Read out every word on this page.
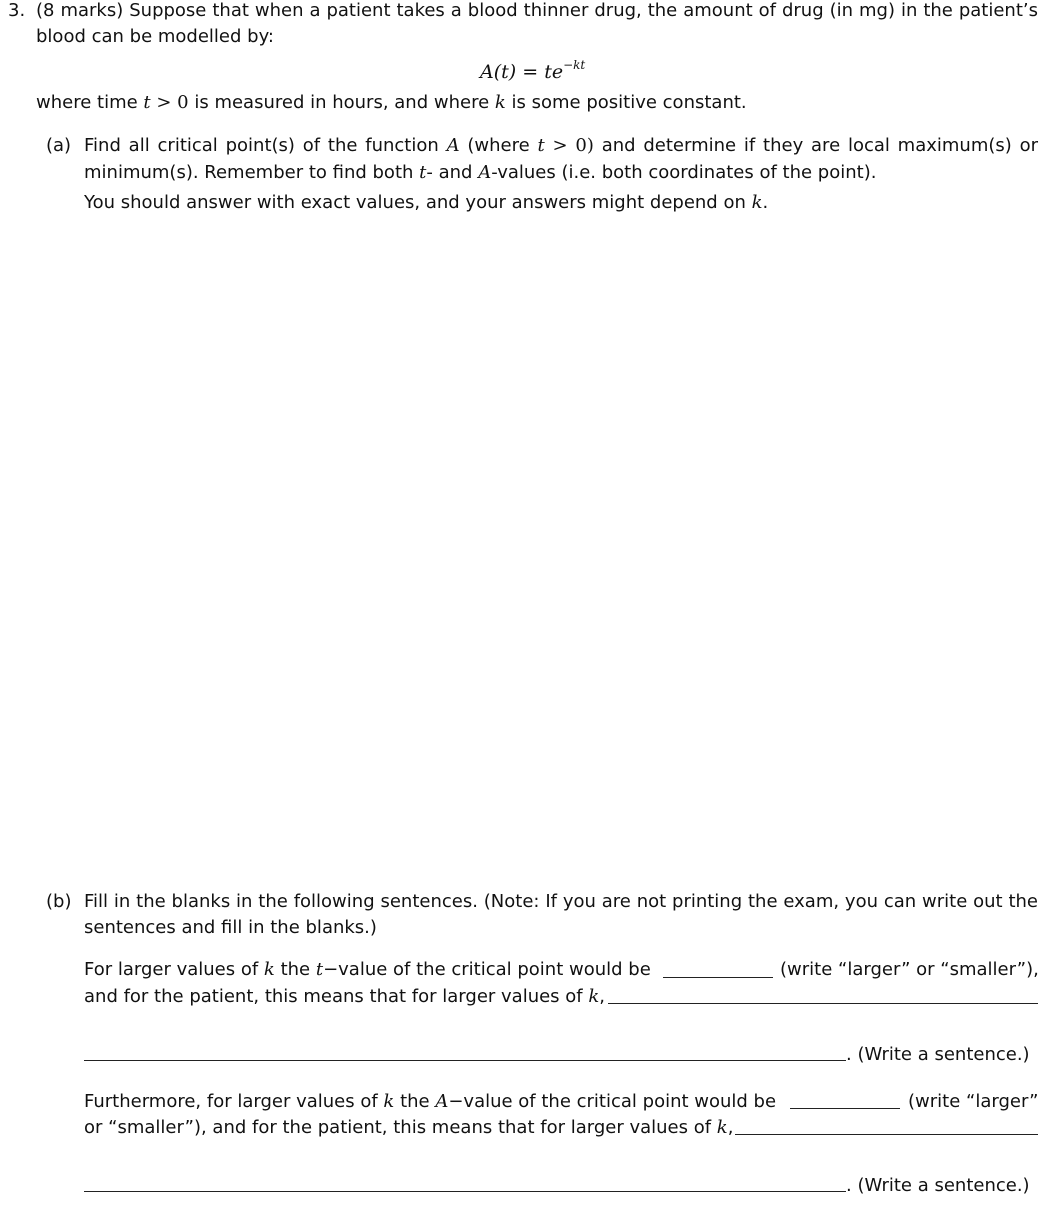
3. (8 marks) Suppose that when a patient takes a blood thinner drug, the amount of drug (in mg) in the patient’s
blood can be modelled by:
$A(t) = te^{-kt}$
where time t > 0 is measured in hours, and where k is some positive constant.
(a) Find all critical point(s) of the function A (where t > 0) and determine if they are local maximum(s) or
minimum(s). Remember to find both t- and A-values (i.e. both coordinates of the point).
You should answer with exact values, and your answers might depend on k.
(b) Fill in the blanks in the following sentences. (Note: If you are not printing the exam, you can write out the
sentences and fill in the blanks.)
For larger values of k the t−value of the critical point would be	(write “larger” or “smaller”),
and for the patient, this means that for larger values of k,
. (Write a sentence.)
Furthermore, for larger values of k the A−value of the critical point would be	(write “larger”
or “smaller”), and for the patient, this means that for larger values of k,
. (Write a sentence.)
